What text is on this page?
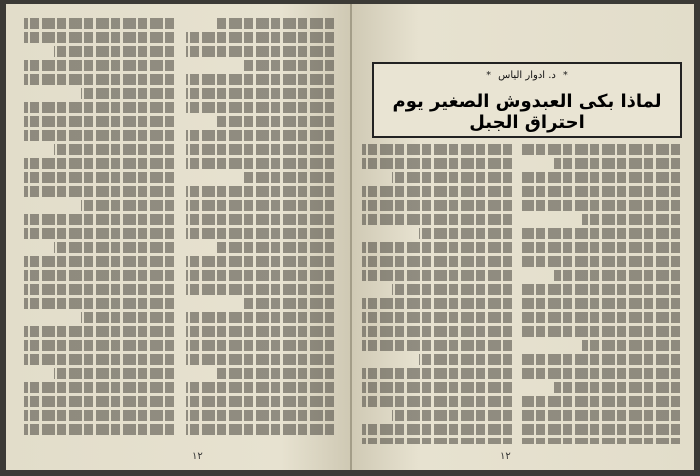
١٢
* د. ادوار الياس *
لماذا بكى العبدوش الصغير يوم احتراق الجبل
١٢
